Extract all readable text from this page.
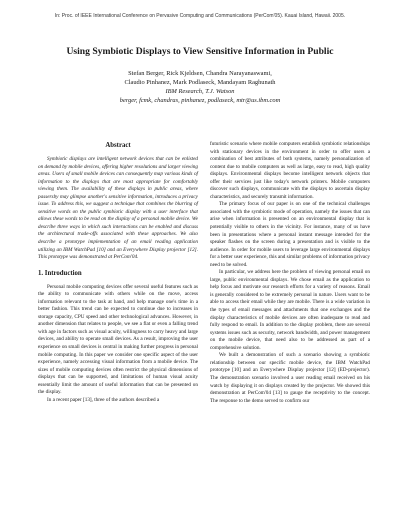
In: Proc. of IEEE International Conference on Pervasive Computing and Communications (PerCom'05). Kauai Island, Hawaii. 2005.
Using Symbiotic Displays to View Sensitive Information in Public
Stefan Berger, Rick Kjeldsen, Chandra Narayanaswami,
Claudio Pinhanez, Mark Podlaseck, Mandayam Raghunath
IBM Research, T.J. Watson
berger, fcmk, chandras, pinhanez, podlaseck, mtr@us.ibm.com
Abstract

Symbiotic displays are intelligent network devices that can be enlisted on demand by mobile devices, offering higher resolutions and larger viewing areas. Users of small mobile devices can consequently map various kinds of information to the displays that are most appropriate for comfortably viewing them. The availability of these displays in public areas, where passersby may glimpse another's sensitive information, introduces a privacy issue. To address this, we suggest a technique that combines the blurring of sensitive words on the public symbiotic display with a user interface that allows these words to be read on the display of a personal mobile device. We describe three ways in which such interactions can be enabled and discuss the architectural trade-offs associated with these approaches. We also describe a prototype implementation of an email reading application utilizing an IBM WatchPad [10] and an Everywhere Display projector [12]. This prototype was demonstrated at PerCom'04.

1. Introduction

Personal mobile computing devices offer several useful features such as the ability to communicate with others while on the move, access information relevant to the task at hand, and help manage one's time in a better fashion. This trend can be expected to continue due to increases in storage capacity, CPU speed and other technological advances. However, in another dimension that relates to people, we see a flat or even a falling trend with age in factors such as visual acuity, willingness to carry heavy and large devices, and ability to operate small devices. As a result, improving the user experience on small devices is central in making further progress in personal mobile computing. In this paper we consider one specific aspect of the user experience, namely accessing visual information from a mobile device. The sizes of mobile computing devices often restrict the physical dimensions of displays that can be supported, and limitations of human visual acuity essentially limit the amount of useful information that can be presented on the display.

In a recent paper [13], three of the authors described a

futuristic scenario where mobile computers establish symbiotic relationships with stationary devices in the environment in order to offer users a combination of best attributes of both systems, namely personalization of content due to mobile computers as well as large, easy to read, high quality displays. Environmental displays become intelligent network objects that offer their services just like today's network printers. Mobile computers discover such displays, communicate with the displays to ascertain display characteristics, and securely transmit information.

The primary focus of our paper is on one of the technical challenges associated with the symbiotic mode of operation, namely the issues that can arise when information is presented on an environmental display that is potentially visible to others in the vicinity. For instance, many of us have been in presentations where a personal instant message intended for the speaker flashes on the screen during a presentation and is visible to the audience. In order for mobile users to leverage large environmental displays for a better user experience, this and similar problems of information privacy need to be solved.

In particular, we address here the problem of viewing personal email on large, public environmental displays. We chose email as the application to help focus and motivate our research efforts for a variety of reasons. Email is generally considered to be extremely personal in nature. Users want to be able to access their email while they are mobile. There is a wide variation in the types of email messages and attachments that one exchanges and the display characteristics of mobile devices are often inadequate to read and fully respond to email. In addition to the display problem, there are several systems issues such as security, network bandwidth, and power management on the mobile device, that need also to be addressed as part of a comprehensive solution.

We built a demonstration of such a scenario showing a symbiotic relationship between our specific mobile device, the IBM WatchPad prototype [10] and an Everywhere Display projector [12] (ED-projector). The demonstration scenario involved a user reading email received on his watch by displaying it on displays created by the projector. We showed this demonstration at PerCom'04 [13] to gauge the receptivity to the concept. The response to the demo served to confirm our
